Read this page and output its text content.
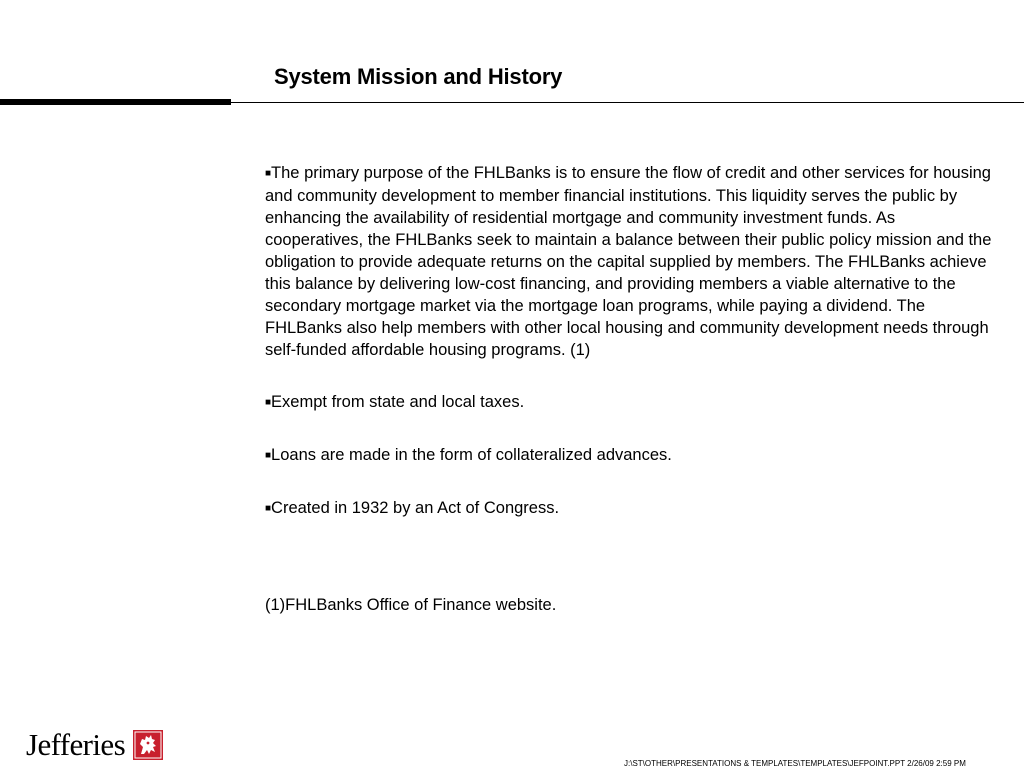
System Mission and History
■The primary purpose of the FHLBanks is to ensure the flow of credit and other services for housing and community development to member financial institutions. This liquidity serves the public by enhancing the availability of residential mortgage and community investment funds. As cooperatives, the FHLBanks seek to maintain a balance between their public policy mission and the obligation to provide adequate returns on the capital supplied by members. The FHLBanks achieve this balance by delivering low-cost financing, and providing members a viable alternative to the secondary mortgage market via the mortgage loan programs, while paying a dividend. The FHLBanks also help members with other local housing and community development needs through self-funded affordable housing programs. (1)
■Exempt from state and local taxes.
■Loans are made in the form of collateralized advances.
■Created in 1932 by an Act of Congress.
(1)FHLBanks Office of Finance website.
Jefferies
J:\ST\OTHER\PRESENTATIONS & TEMPLATES\TEMPLATES\JEFPOINT.PPT 2/26/09 2:59 PM
